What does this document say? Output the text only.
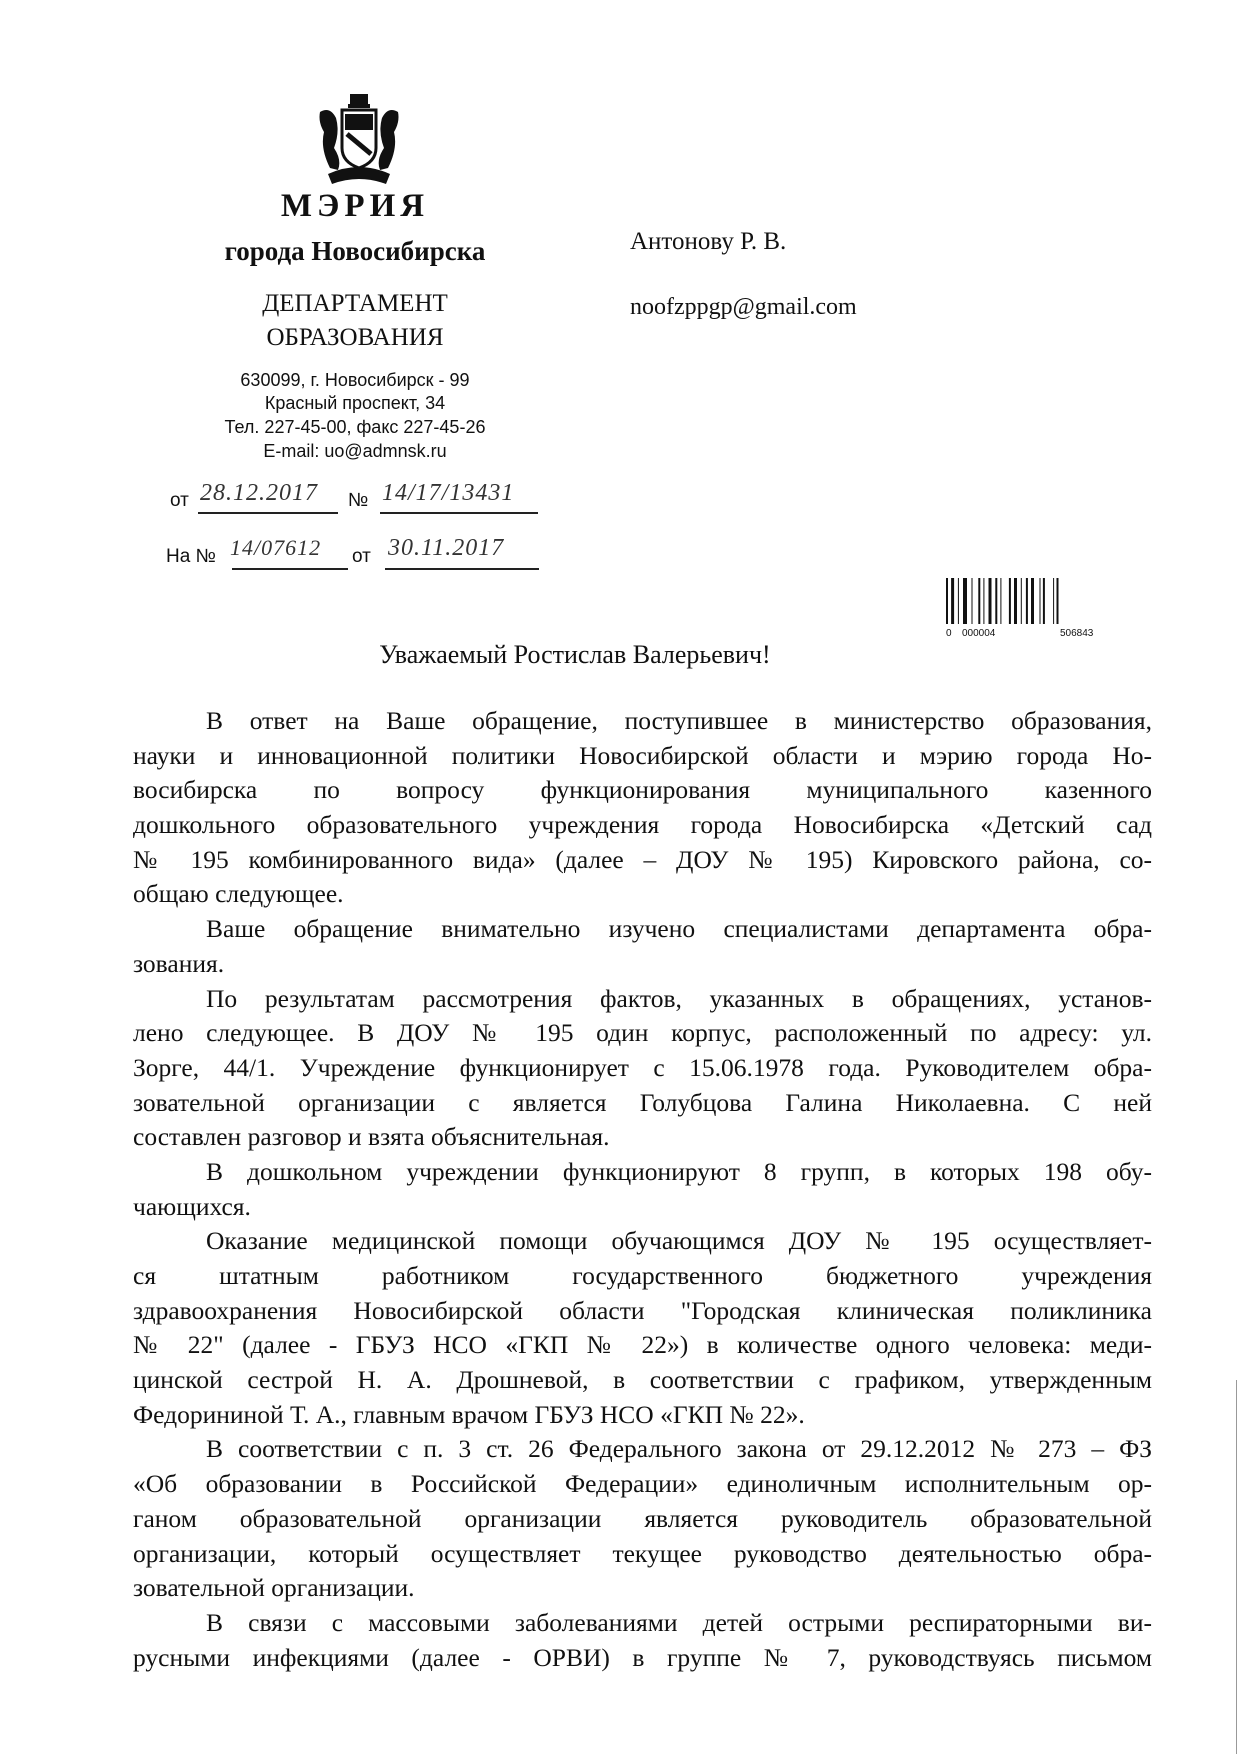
МЭРИЯ
города Новосибирска
ДЕПАРТАМЕНТ
ОБРАЗОВАНИЯ
630099, г. Новосибирск - 99
Красный проспект, 34
Тел. 227-45-00, факс 227-45-26
E-mail: uo@admnsk.ru
Антонову Р. В.
noofzppgp@gmail.com
от 28.12.2017 № 14/17/13431
На № 14/07612 от 30.11.2017
0 000004	506843
Уважаемый Ростислав Валерьевич!
В ответ на Ваше обращение, поступившее в министерство образования,
науки и инновационной политики Новосибирской области и мэрию города Но-
восибирска по вопросу функционирования муниципального казенного
дошкольного образовательного учреждения города Новосибирска «Детский сад
№ 195 комбинированного вида» (далее – ДОУ № 195) Кировского района, со-
общаю следующее.
Ваше обращение внимательно изучено специалистами департамента обра-
зования.
По результатам рассмотрения фактов, указанных в обращениях, установ-
лено следующее. В ДОУ № 195 один корпус, расположенный по адресу: ул.
Зорге, 44/1. Учреждение функционирует с 15.06.1978 года. Руководителем обра-
зовательной организации с является Голубцова Галина Николаевна. С ней
составлен разговор и взята объяснительная.
В дошкольном учреждении функционируют 8 групп, в которых 198 обу-
чающихся.
Оказание медицинской помощи обучающимся ДОУ № 195 осуществляет-
ся штатным работником государственного бюджетного учреждения
здравоохранения Новосибирской области "Городская клиническая поликлиника
№ 22" (далее - ГБУЗ НСО «ГКП № 22») в количестве одного человека: меди-
цинской сестрой Н. А. Дрошневой, в соответствии с графиком, утвержденным
Федорининой Т. А., главным врачом ГБУЗ НСО «ГКП № 22».
В соответствии с п. 3 ст. 26 Федерального закона от 29.12.2012 № 273 – ФЗ
«Об образовании в Российской Федерации» единоличным исполнительным ор-
ганом образовательной организации является руководитель образовательной
организации, который осуществляет текущее руководство деятельностью обра-
зовательной организации.
В связи с массовыми заболеваниями детей острыми респираторными ви-
русными инфекциями (далее - ОРВИ) в группе № 7, руководствуясь письмом
